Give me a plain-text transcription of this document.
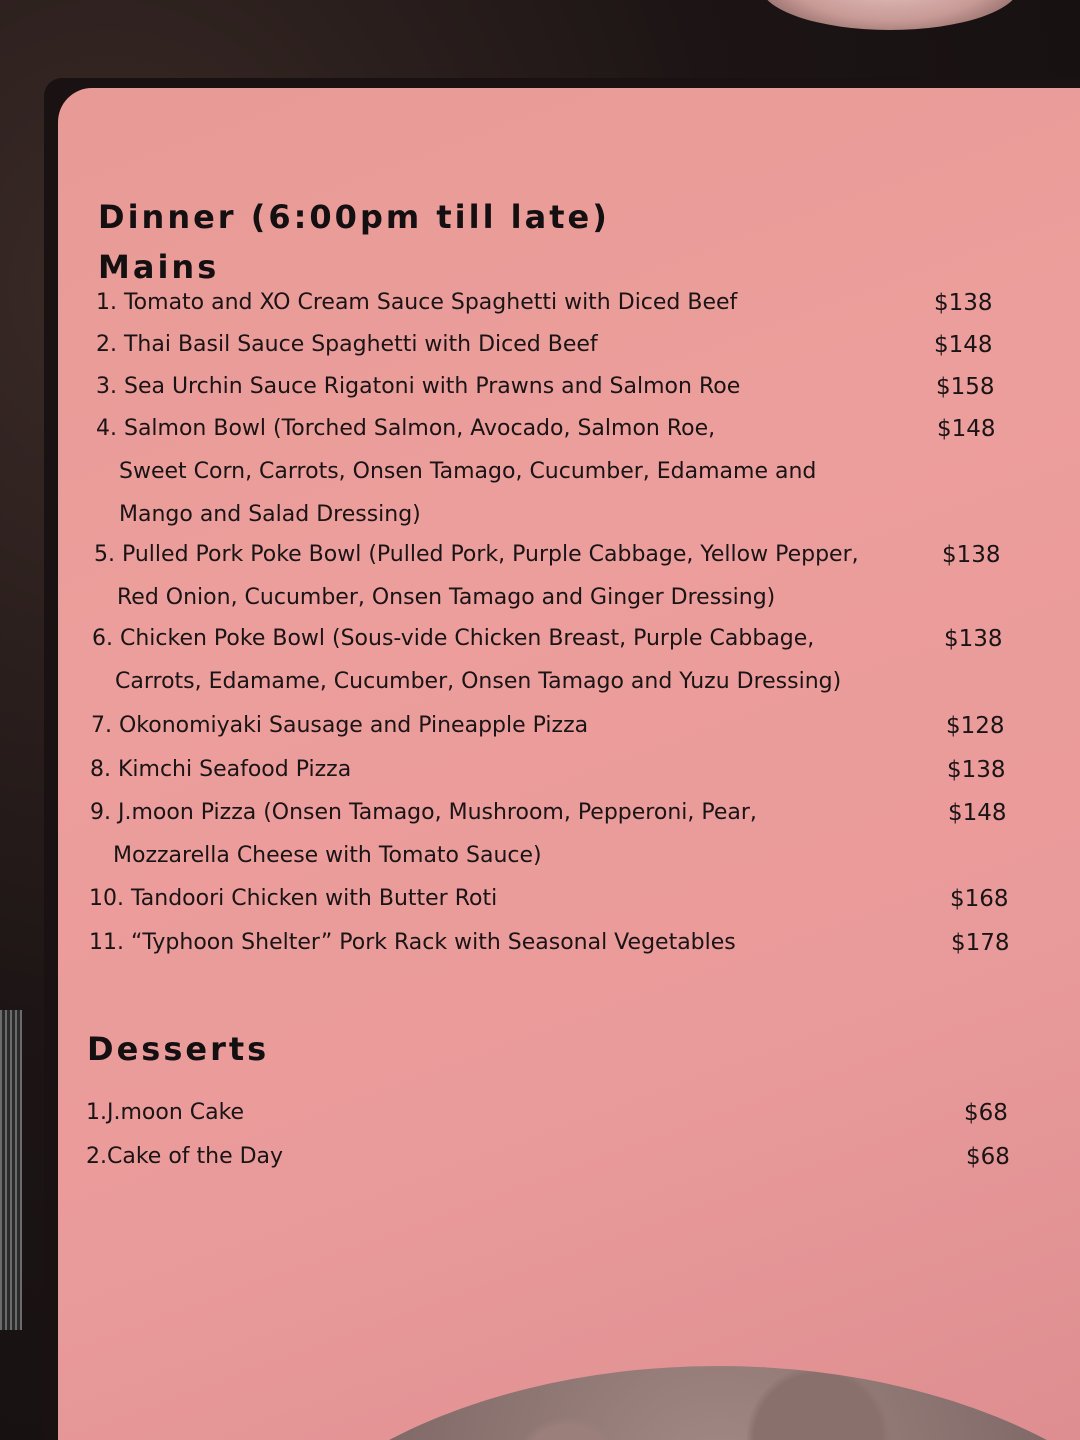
Dinner (6:00pm till late)
Mains
Desserts
1. Tomato and XO Cream Sauce Spaghetti with Diced Beef	$138
2. Thai Basil Sauce Spaghetti with Diced Beef	$148
3. Sea Urchin Sauce Rigatoni with Prawns and Salmon Roe	$158
4. Salmon Bowl (Torched Salmon, Avocado, Salmon Roe,
Sweet Corn, Carrots, Onsen Tamago, Cucumber, Edamame and
Mango and Salad Dressing)
$148
5. Pulled Pork Poke Bowl (Pulled Pork, Purple Cabbage, Yellow Pepper,
Red Onion, Cucumber, Onsen Tamago and Ginger Dressing)
$138
6. Chicken Poke Bowl (Sous-vide Chicken Breast, Purple Cabbage,
Carrots, Edamame, Cucumber, Onsen Tamago and Yuzu Dressing)
$138
7. Okonomiyaki Sausage and Pineapple Pizza	$128
8. Kimchi Seafood Pizza	$138
9. J.moon Pizza (Onsen Tamago, Mushroom, Pepperoni, Pear,
Mozzarella Cheese with Tomato Sauce)
$148
10. Tandoori Chicken with Butter Roti	$168
11. “Typhoon Shelter” Pork Rack with Seasonal Vegetables	$178
1.J.moon Cake	$68
2.Cake of the Day	$68
